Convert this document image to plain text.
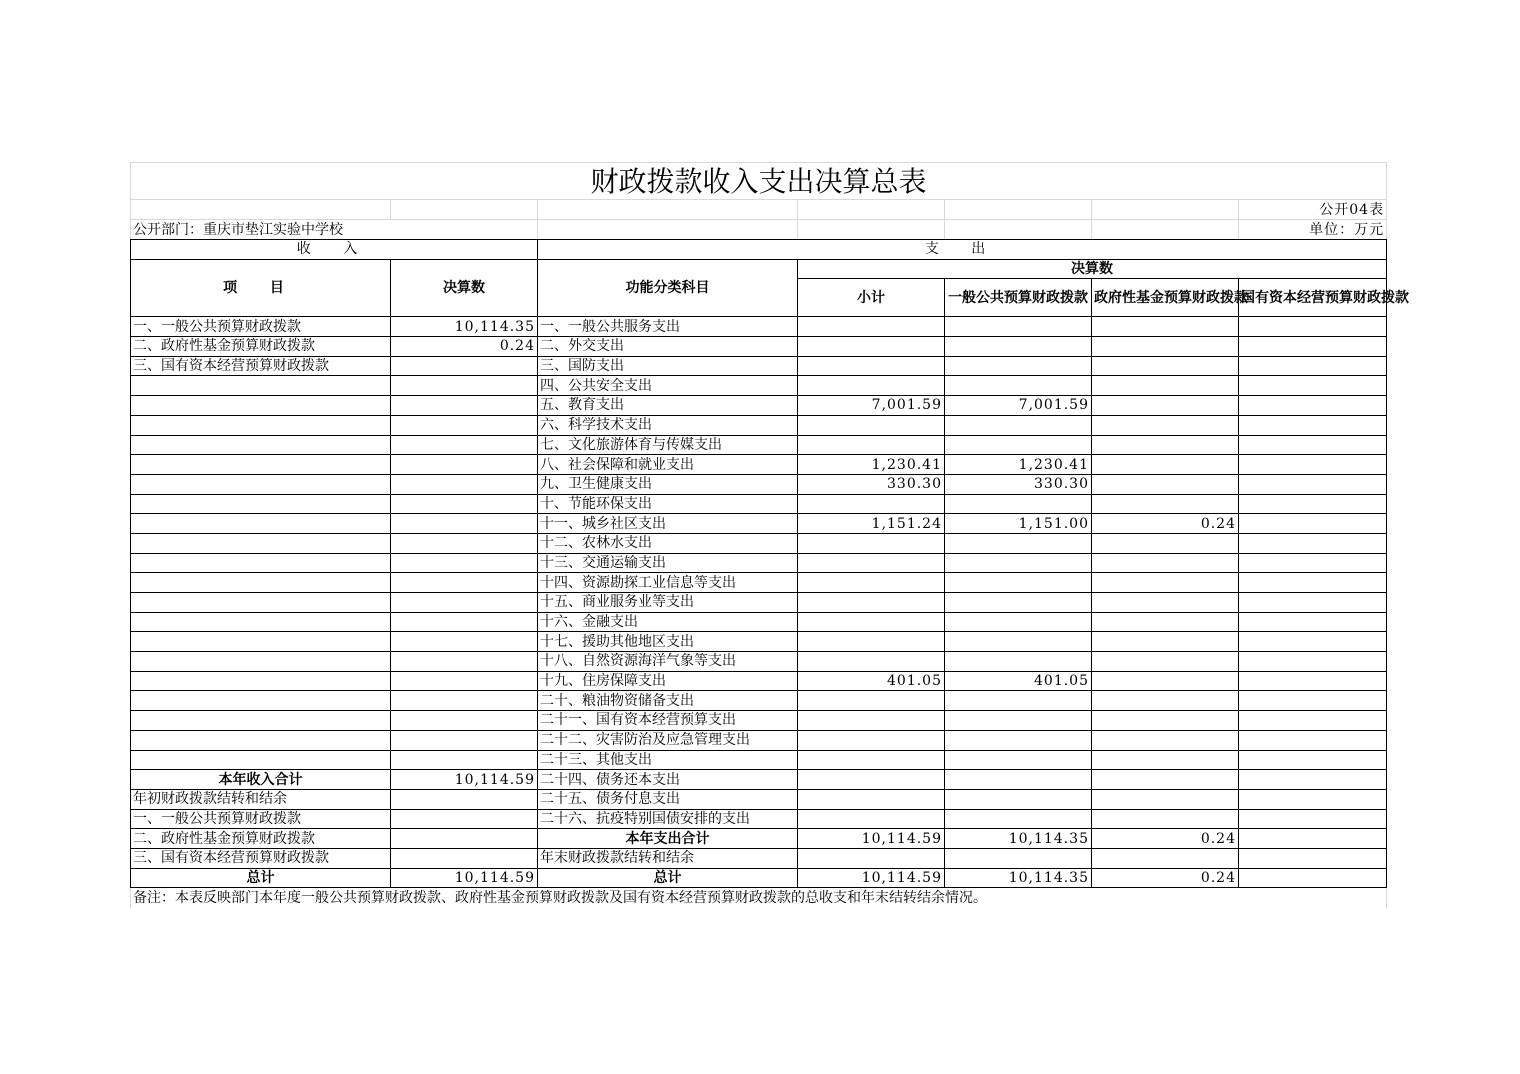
财政拨款收入支出决算总表						
						公开04表
公开部门：重庆市垫江实验中学校						单位：万元
收 入		支 出				
项 目	决算数	功能分类科目	决算数			
			小计	一般公共预算财政拨款	政府性基金预算财政拨款	国有资本经营预算财政拨款
一、一般公共预算财政拨款	10,114.35	一、一般公共服务支出				
二、政府性基金预算财政拨款	0.24	二、外交支出				
三、国有资本经营预算财政拨款		三、国防支出				
		四、公共安全支出				
		五、教育支出	7,001.59	7,001.59		
		六、科学技术支出				
		七、文化旅游体育与传媒支出				
		八、社会保障和就业支出	1,230.41	1,230.41		
		九、卫生健康支出	330.30	330.30		
		十、节能环保支出				
		十一、城乡社区支出	1,151.24	1,151.00	0.24	
		十二、农林水支出				
		十三、交通运输支出				
		十四、资源勘探工业信息等支出				
		十五、商业服务业等支出				
		十六、金融支出				
		十七、援助其他地区支出				
		十八、自然资源海洋气象等支出				
		十九、住房保障支出	401.05	401.05		
		二十、粮油物资储备支出				
		二十一、国有资本经营预算支出				
		二十二、灾害防治及应急管理支出				
		二十三、其他支出				
本年收入合计	10,114.59	二十四、债务还本支出				
年初财政拨款结转和结余		二十五、债务付息支出				
一、一般公共预算财政拨款		二十六、抗疫特别国债安排的支出				
二、政府性基金预算财政拨款		本年支出合计	10,114.59	10,114.35	0.24	
三、国有资本经营预算财政拨款		年末财政拨款结转和结余				
总计	10,114.59	总计	10,114.59	10,114.35	0.24	
备注：本表反映部门本年度一般公共预算财政拨款、政府性基金预算财政拨款及国有资本经营预算财政拨款的总收支和年末结转结余情况。						
